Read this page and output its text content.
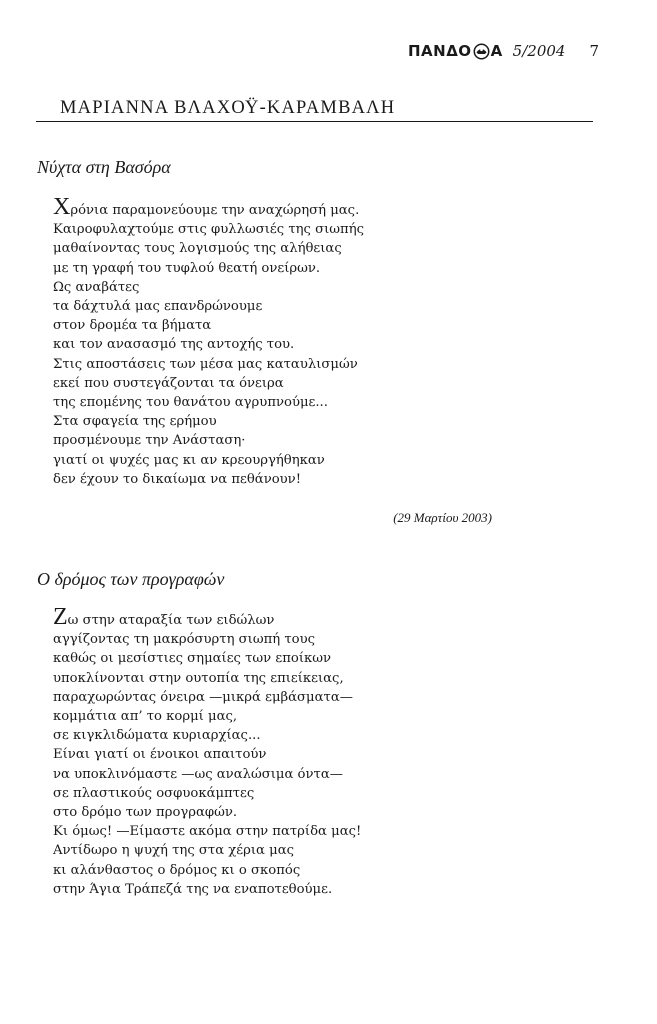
ΠΑΝΔΟ Α 5/2004 7
ΜΑΡΙΑΝΝΑ ΒΛΑΧΟΫ-ΚΑΡΑΜΒΑΛΗ
Νύχτα στη Βασόρα
Χρόνια παραμονεύουμε την αναχώρησή μας.
Καιροφυλαχτούμε στις φυλλωσιές της σιωπής
μαθαίνοντας τους λογισμούς της αλήθειας
με τη γραφή του τυφλού θεατή ονείρων.
Ως αναβάτες
τα δάχτυλά μας επανδρώνουμε
στον δρομέα τα βήματα
και τον ανασασμό της αντοχής του.
Στις αποστάσεις των μέσα μας καταυλισμών
εκεί που συστεγάζονται τα όνειρα
της επομένης του θανάτου αγρυπνούμε...
Στα σφαγεία της ερήμου
προσμένουμε την Ανάσταση·
γιατί οι ψυχές μας κι αν κρεουργήθηκαν
δεν έχουν το δικαίωμα να πεθάνουν!
(29 Μαρτίου 2003)
Ο δρόμος των προγραφών
Ζω στην αταραξία των ειδώλων
αγγίζοντας τη μακρόσυρτη σιωπή τους
καθώς οι μεσίστιες σημαίες των εποίκων
υποκλίνονται στην ουτοπία της επιείκειας,
παραχωρώντας όνειρα —μικρά εμβάσματα—
κομμάτια απ’ το κορμί μας,
σε κιγκλιδώματα κυριαρχίας...
Είναι γιατί οι ένοικοι απαιτούν
να υποκλινόμαστε —ως αναλώσιμα όντα—
σε πλαστικούς οσφυοκάμπτες
στο δρόμο των προγραφών.
Κι όμως! —Είμαστε ακόμα στην πατρίδα μας!
Αντίδωρο η ψυχή της στα χέρια μας
κι αλάνθαστος ο δρόμος κι ο σκοπός
στην Άγια Τράπεζά της να εναποτεθούμε.
